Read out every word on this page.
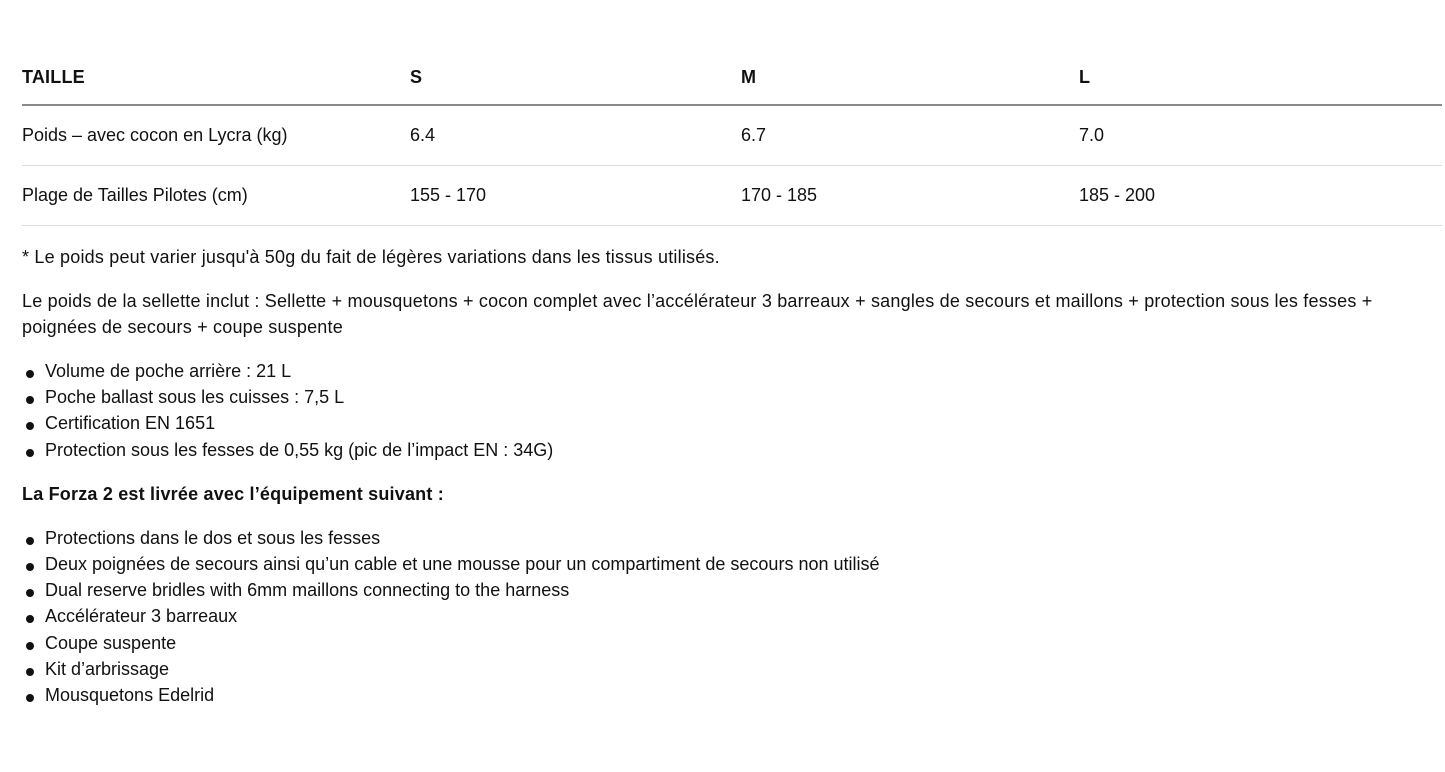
TAILLE	S	M	L
Poids – avec cocon en Lycra (kg)	6.4	6.7	7.0
Plage de Tailles Pilotes (cm)	155 - 170	170 - 185	185 - 200

* Le poids peut varier jusqu'à 50g du fait de légères variations dans les tissus utilisés.

Le poids de la sellette inclut : Sellette + mousquetons + cocon complet avec l’accélérateur 3 barreaux + sangles de secours et maillons + protection sous les fesses + poignées de secours + coupe suspente

Volume de poche arrière : 21 L
Poche ballast sous les cuisses : 7,5 L
Certification EN 1651
Protection sous les fesses de 0,55 kg (pic de l’impact EN : 34G)

La Forza 2 est livrée avec l’équipement suivant :

Protections dans le dos et sous les fesses
Deux poignées de secours ainsi qu’un cable et une mousse pour un compartiment de secours non utilisé
Dual reserve bridles with 6mm maillons connecting to the harness
Accélérateur 3 barreaux
Coupe suspente
Kit d’arbrissage
Mousquetons Edelrid
